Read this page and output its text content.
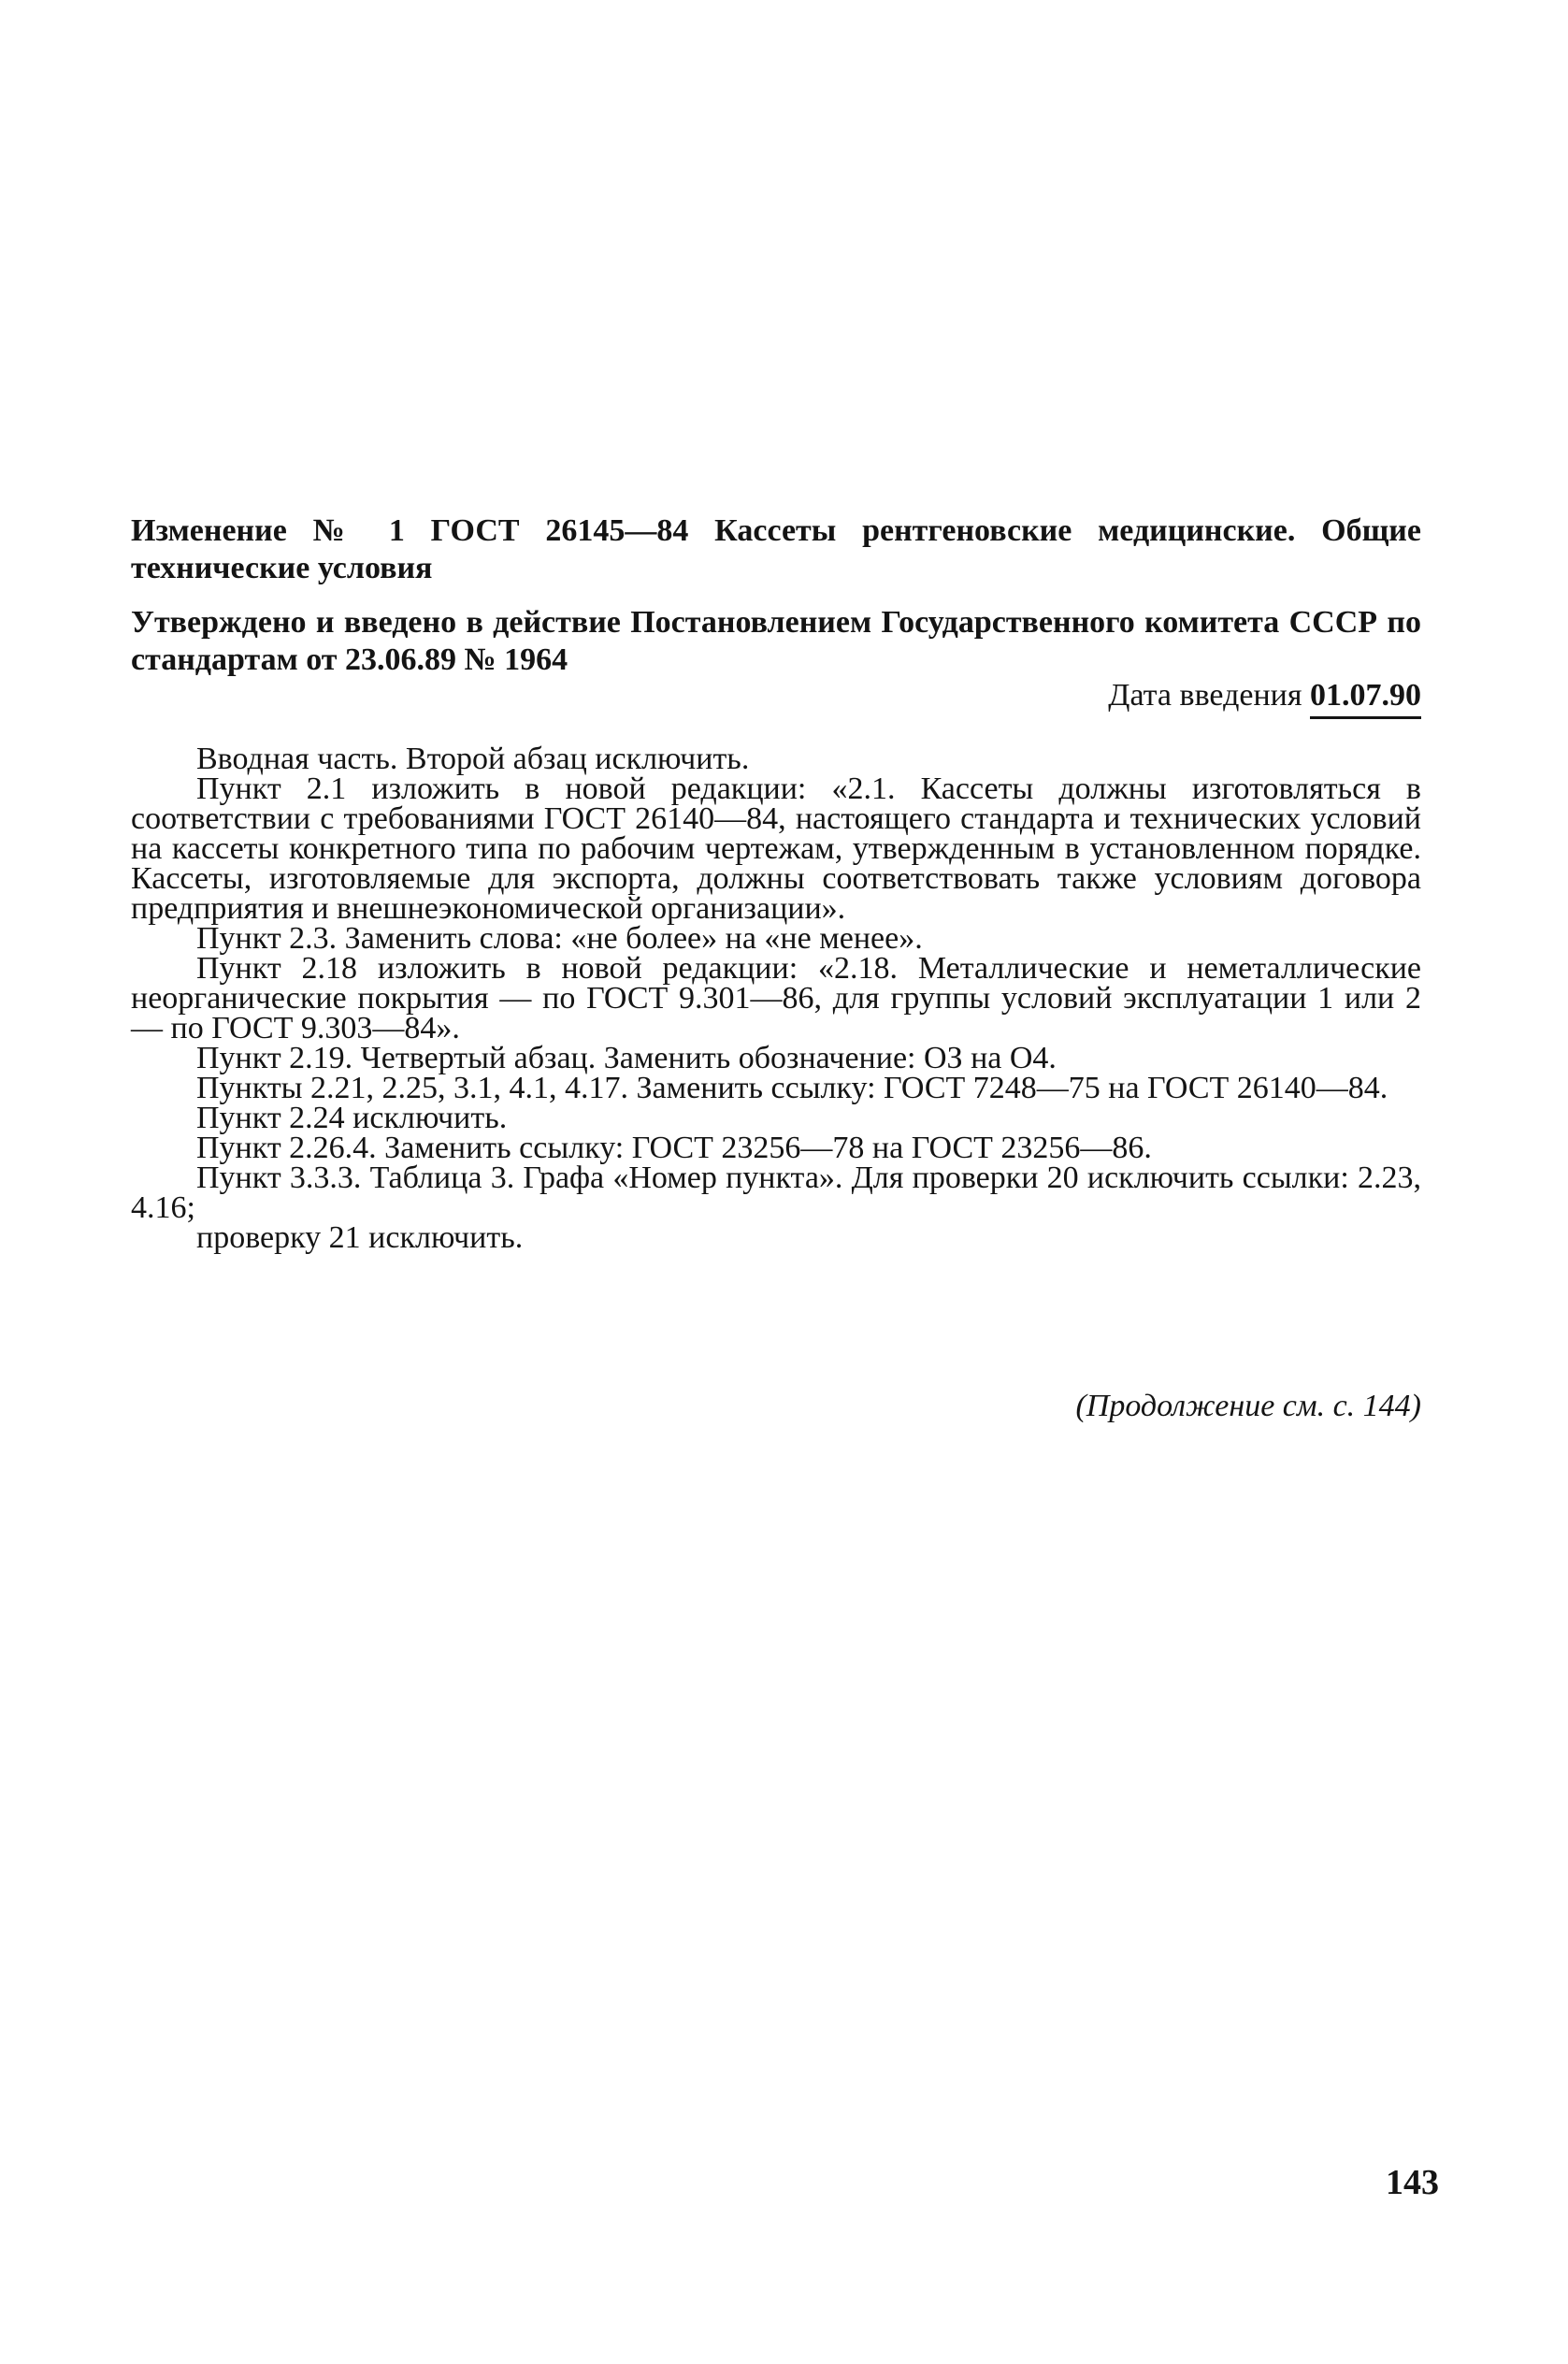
Изменение № 1 ГОСТ 26145—84 Кассеты рентгеновские медицинские. Общие технические условия

Утверждено и введено в действие Постановлением Государственного комитета СССР по стандартам от 23.06.89 № 1964

Дата введения 01.07.90

Вводная часть. Второй абзац исключить.

Пункт 2.1 изложить в новой редакции: «2.1. Кассеты должны изготовляться в соответствии с требованиями ГОСТ 26140—84, настоящего стандарта и технических условий на кассеты конкретного типа по рабочим чертежам, утвержденным в установленном порядке. Кассеты, изготовляемые для экспорта, должны соответствовать также условиям договора предприятия и внешнеэкономической организации».

Пункт 2.3. Заменить слова: «не более» на «не менее».

Пункт 2.18 изложить в новой редакции: «2.18. Металлические и неметаллические неорганические покрытия — по ГОСТ 9.301—86, для группы условий эксплуатации 1 или 2 — по ГОСТ 9.303—84».

Пункт 2.19. Четвертый абзац. Заменить обозначение: ОЗ на О4.

Пункты 2.21, 2.25, 3.1, 4.1, 4.17. Заменить ссылку: ГОСТ 7248—75 на ГОСТ 26140—84.

Пункт 2.24 исключить.

Пункт 2.26.4. Заменить ссылку: ГОСТ 23256—78 на ГОСТ 23256—86.

Пункт 3.3.3. Таблица 3. Графа «Номер пункта». Для проверки 20 исключить ссылки: 2.23, 4.16;

проверку 21 исключить.

(Продолжение см. с. 144)
143
